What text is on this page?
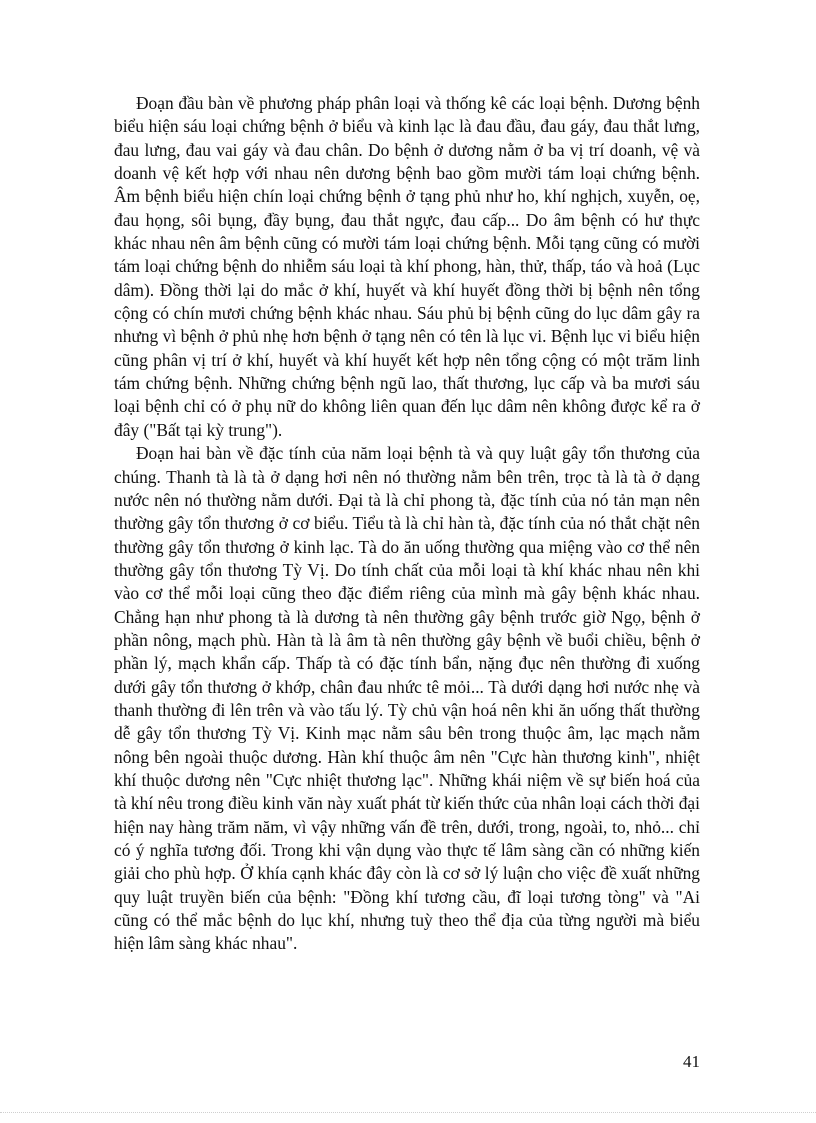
Đoạn đầu bàn về phương pháp phân loại và thống kê các loại bệnh. Dương bệnh biểu hiện sáu loại chứng bệnh ở biểu và kinh lạc là đau đầu, đau gáy, đau thắt lưng, đau lưng, đau vai gáy và đau chân. Do bệnh ở dương nằm ở ba vị trí doanh, vệ và doanh vệ kết hợp với nhau nên dương bệnh bao gồm mười tám loại chứng bệnh. Âm bệnh biểu hiện chín loại chứng bệnh ở tạng phủ như ho, khí nghịch, xuyễn, oẹ, đau họng, sôi bụng, đầy bụng, đau thắt ngực, đau cấp... Do âm bệnh có hư thực khác nhau nên âm bệnh cũng có mười tám loại chứng bệnh. Mỗi tạng cũng có mười tám loại chứng bệnh do nhiễm sáu loại tà khí phong, hàn, thử, thấp, táo và hoả (Lục dâm). Đồng thời lại do mắc ở khí, huyết và khí huyết đồng thời bị bệnh nên tổng cộng có chín mươi chứng bệnh khác nhau. Sáu phủ bị bệnh cũng do lục dâm gây ra nhưng vì bệnh ở phủ nhẹ hơn bệnh ở tạng nên có tên là lục vi. Bệnh lục vi biểu hiện cũng phân vị trí ở khí, huyết và khí huyết kết hợp nên tổng cộng có một trăm linh tám chứng bệnh. Những chứng bệnh ngũ lao, thất thương, lục cấp và ba mươi sáu loại bệnh chỉ có ở phụ nữ do không liên quan đến lục dâm nên không được kể ra ở đây ("Bất tại kỳ trung").

Đoạn hai bàn về đặc tính của năm loại bệnh tà và quy luật gây tổn thương của chúng. Thanh tà là tà ở dạng hơi nên nó thường nằm bên trên, trọc tà là tà ở dạng nước nên nó thường nằm dưới. Đại tà là chỉ phong tà, đặc tính của nó tản mạn nên thường gây tổn thương ở cơ biểu. Tiểu tà là chỉ hàn tà, đặc tính của nó thắt chặt nên thường gây tổn thương ở kinh lạc. Tà do ăn uống thường qua miệng vào cơ thể nên thường gây tổn thương Tỳ Vị. Do tính chất của mỗi loại tà khí khác nhau nên khi vào cơ thể mỗi loại cũng theo đặc điểm riêng của mình mà gây bệnh khác nhau. Chẳng hạn như phong tà là dương tà nên thường gây bệnh trước giờ Ngọ, bệnh ở phần nông, mạch phù. Hàn tà là âm tà nên thường gây bệnh về buổi chiều, bệnh ở phần lý, mạch khẩn cấp. Thấp tà có đặc tính bẩn, nặng đục nên thường đi xuống dưới gây tổn thương ở khớp, chân đau nhức tê mỏi... Tà dưới dạng hơi nước nhẹ và thanh thường đi lên trên và vào tấu lý. Tỳ chủ vận hoá nên khi ăn uống thất thường dễ gây tổn thương Tỳ Vị. Kinh mạc nằm sâu bên trong thuộc âm, lạc mạch nằm nông bên ngoài thuộc dương. Hàn khí thuộc âm nên "Cực hàn thương kinh", nhiệt khí thuộc dương nên "Cực nhiệt thương lạc". Những khái niệm về sự biến hoá của tà khí nêu trong điều kinh văn này xuất phát từ kiến thức của nhân loại cách thời đại hiện nay hàng trăm năm, vì vậy những vấn đề trên, dưới, trong, ngoài, to, nhỏ... chỉ có ý nghĩa tương đối. Trong khi vận dụng vào thực tế lâm sàng cần có những kiến giải cho phù hợp. Ở khía cạnh khác đây còn là cơ sở lý luận cho việc đề xuất những quy luật truyền biến của bệnh: "Đồng khí tương cầu, đĩ loại tương tòng" và "Ai cũng có thể mắc bệnh do lục khí, nhưng tuỳ theo thể địa của từng người mà biểu hiện lâm sàng khác nhau".

41
